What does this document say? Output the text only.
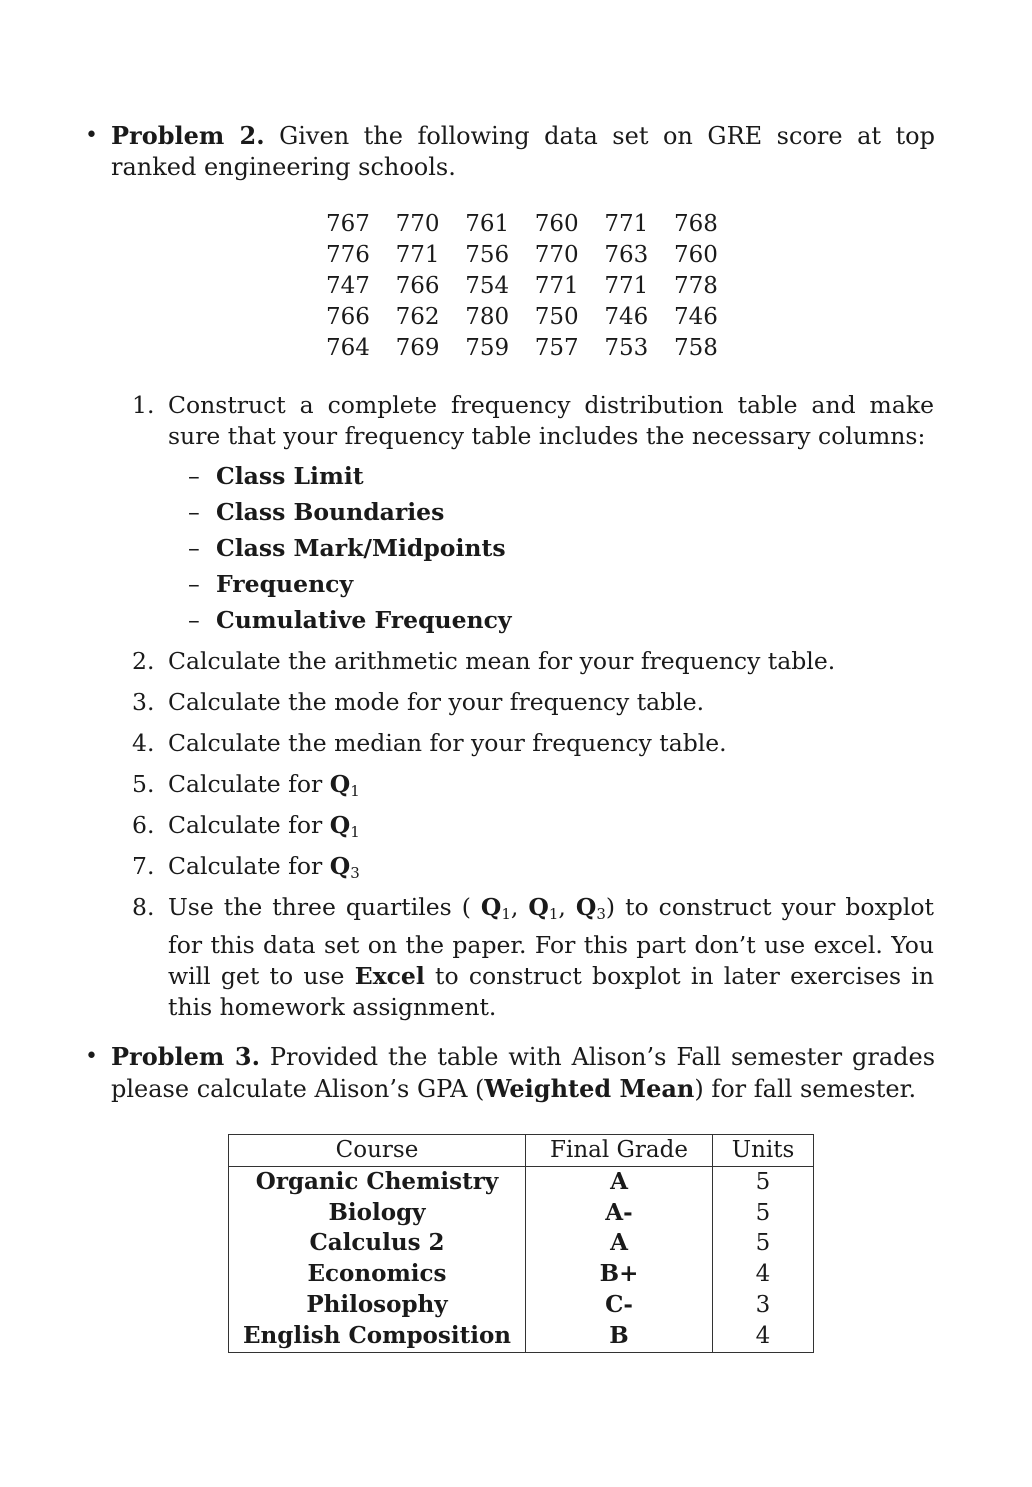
• Problem 2. Given the following data set on GRE score at top ranked engineering schools.
767	770	761	760	771	768
776	771	756	770	763	760
747	766	754	771	771	778
766	762	780	750	746	746
764	769	759	757	753	758
1. Construct a complete frequency distribution table and make sure that your frequency table includes the necessary columns:
– Class Limit
– Class Boundaries
– Class Mark/Midpoints
– Frequency
– Cumulative Frequency
2. Calculate the arithmetic mean for your frequency table.
3. Calculate the mode for your frequency table.
4. Calculate the median for your frequency table.
5. Calculate for $Q_1$
6. Calculate for $Q_1$
7. Calculate for $Q_3$
8. Use the three quartiles ( $Q_1$, $Q_1$, $Q_3$) to construct your boxplot for this data set on the paper. For this part don’t use excel. You will get to use Excel to construct boxplot in later exercises in this homework assignment.
• Problem 3. Provided the table with Alison’s Fall semester grades please calculate Alison’s GPA (Weighted Mean) for fall semester.
Course	Final Grade	Units
Organic Chemistry	A	5
Biology	A-	5
Calculus 2	A	5
Economics	B+	4
Philosophy	C-	3
English Composition	B	4
